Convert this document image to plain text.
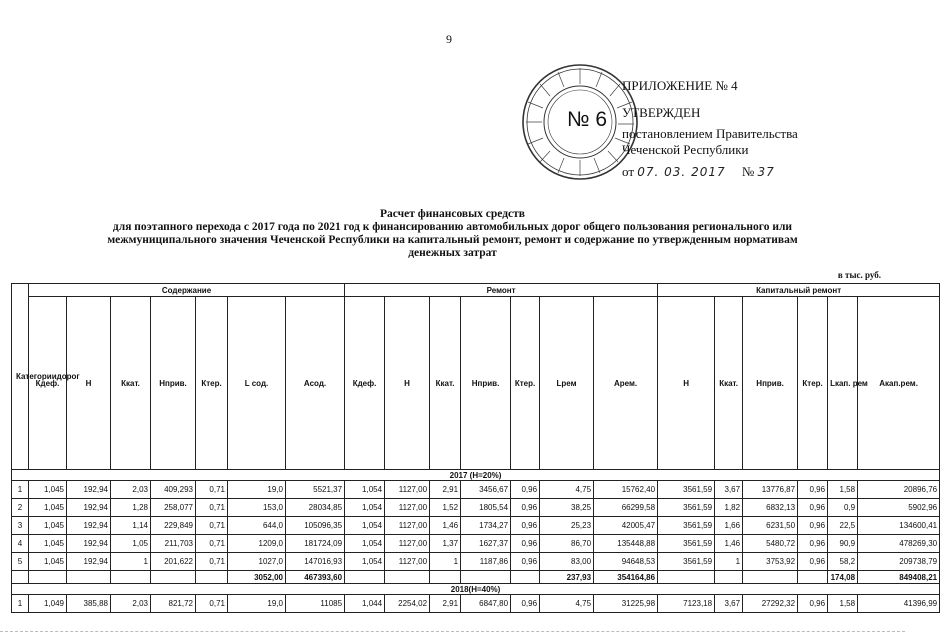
9
№ 6
ПРИЛОЖЕНИЕ № 4
УТВЕРЖДЕН
постановлением Правительства
Чеченской Республики
от 07. 03. 2017 № 37
Расчет финансовых средств
для поэтапного перехода с 2017 года по 2021 год к финансированию автомобильных дорог общего пользования регионального или
межмуниципального значения Чеченской Республики на капитальный ремонт, ремонт и содержание по утвержденным нормативам
денежных затрат
в тыс. руб.
Категориидорог	Содержание							Ремонт							Капитальный ремонт					
	Кдеф.	Н	Ккат.	Нприв.	Ктер.	L сод.	Асод.	Кдеф.	Н	Ккат.	Нприв.	Ктер.	Lрем	Арем.	Н	Ккат.	Нприв.	Ктер.	Lкап. рем	Акап.рем.
2017 (Н=20%)																				
1	1,045	192,94	2,03	409,293	0,71	19,0	5521,37	1,054	1127,00	2,91	3456,67	0,96	4,75	15762,40	3561,59	3,67	13776,87	0,96	1,58	20896,76
2	1,045	192,94	1,28	258,077	0,71	153,0	28034,85	1,054	1127,00	1,52	1805,54	0,96	38,25	66299,58	3561,59	1,82	6832,13	0,96	0,9	5902,96
3	1,045	192,94	1,14	229,849	0,71	644,0	105096,35	1,054	1127,00	1,46	1734,27	0,96	25,23	42005,47	3561,59	1,66	6231,50	0,96	22,5	134600,41
4	1,045	192,94	1,05	211,703	0,71	1209,0	181724,09	1,054	1127,00	1,37	1627,37	0,96	86,70	135448,88	3561,59	1,46	5480,72	0,96	90,9	478269,30
5	1,045	192,94	1	201,622	0,71	1027,0	147016,93	1,054	1127,00	1	1187,86	0,96	83,00	94648,53	3561,59	1	3753,92	0,96	58,2	209738,79
						3052,00	467393,60						237,93	354164,86					174,08	849408,21
2018(Н=40%)																				
1	1,049	385,88	2,03	821,72	0,71	19,0	11085	1,044	2254,02	2,91	6847,80	0,96	4,75	31225,98	7123,18	3,67	27292,32	0,96	1,58	41396,99
